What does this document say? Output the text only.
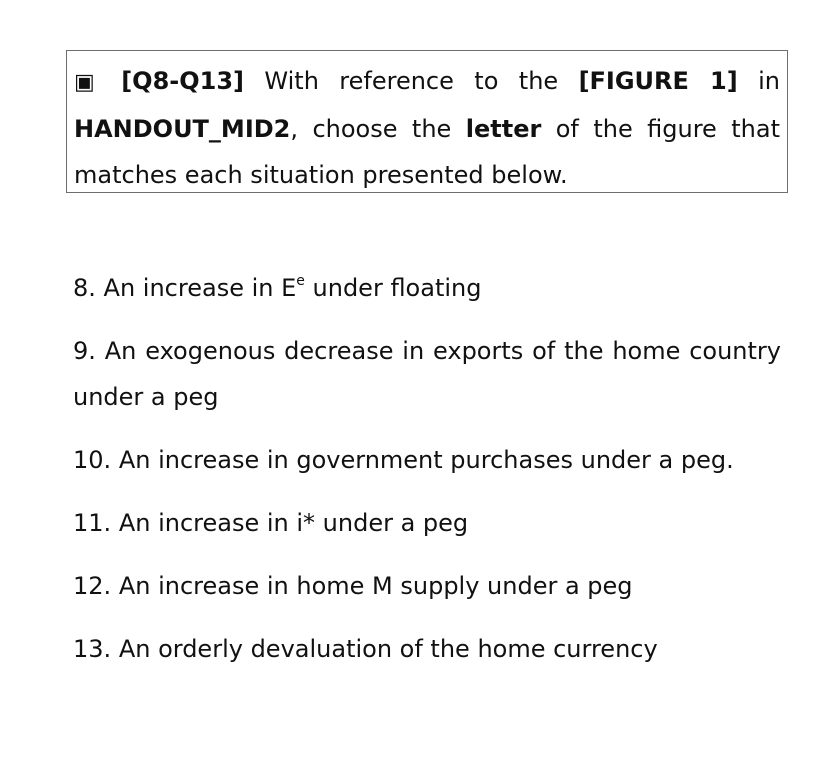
▣ [Q8-Q13] With reference to the [FIGURE 1] in HANDOUT_MID2, choose the letter of the figure that matches each situation presented below.
8. An increase in $E^e$ under floating
9. An exogenous decrease in exports of the home country under a peg
10. An increase in government purchases under a peg.
11. An increase in i* under a peg
12. An increase in home M supply under a peg
13. An orderly devaluation of the home currency
